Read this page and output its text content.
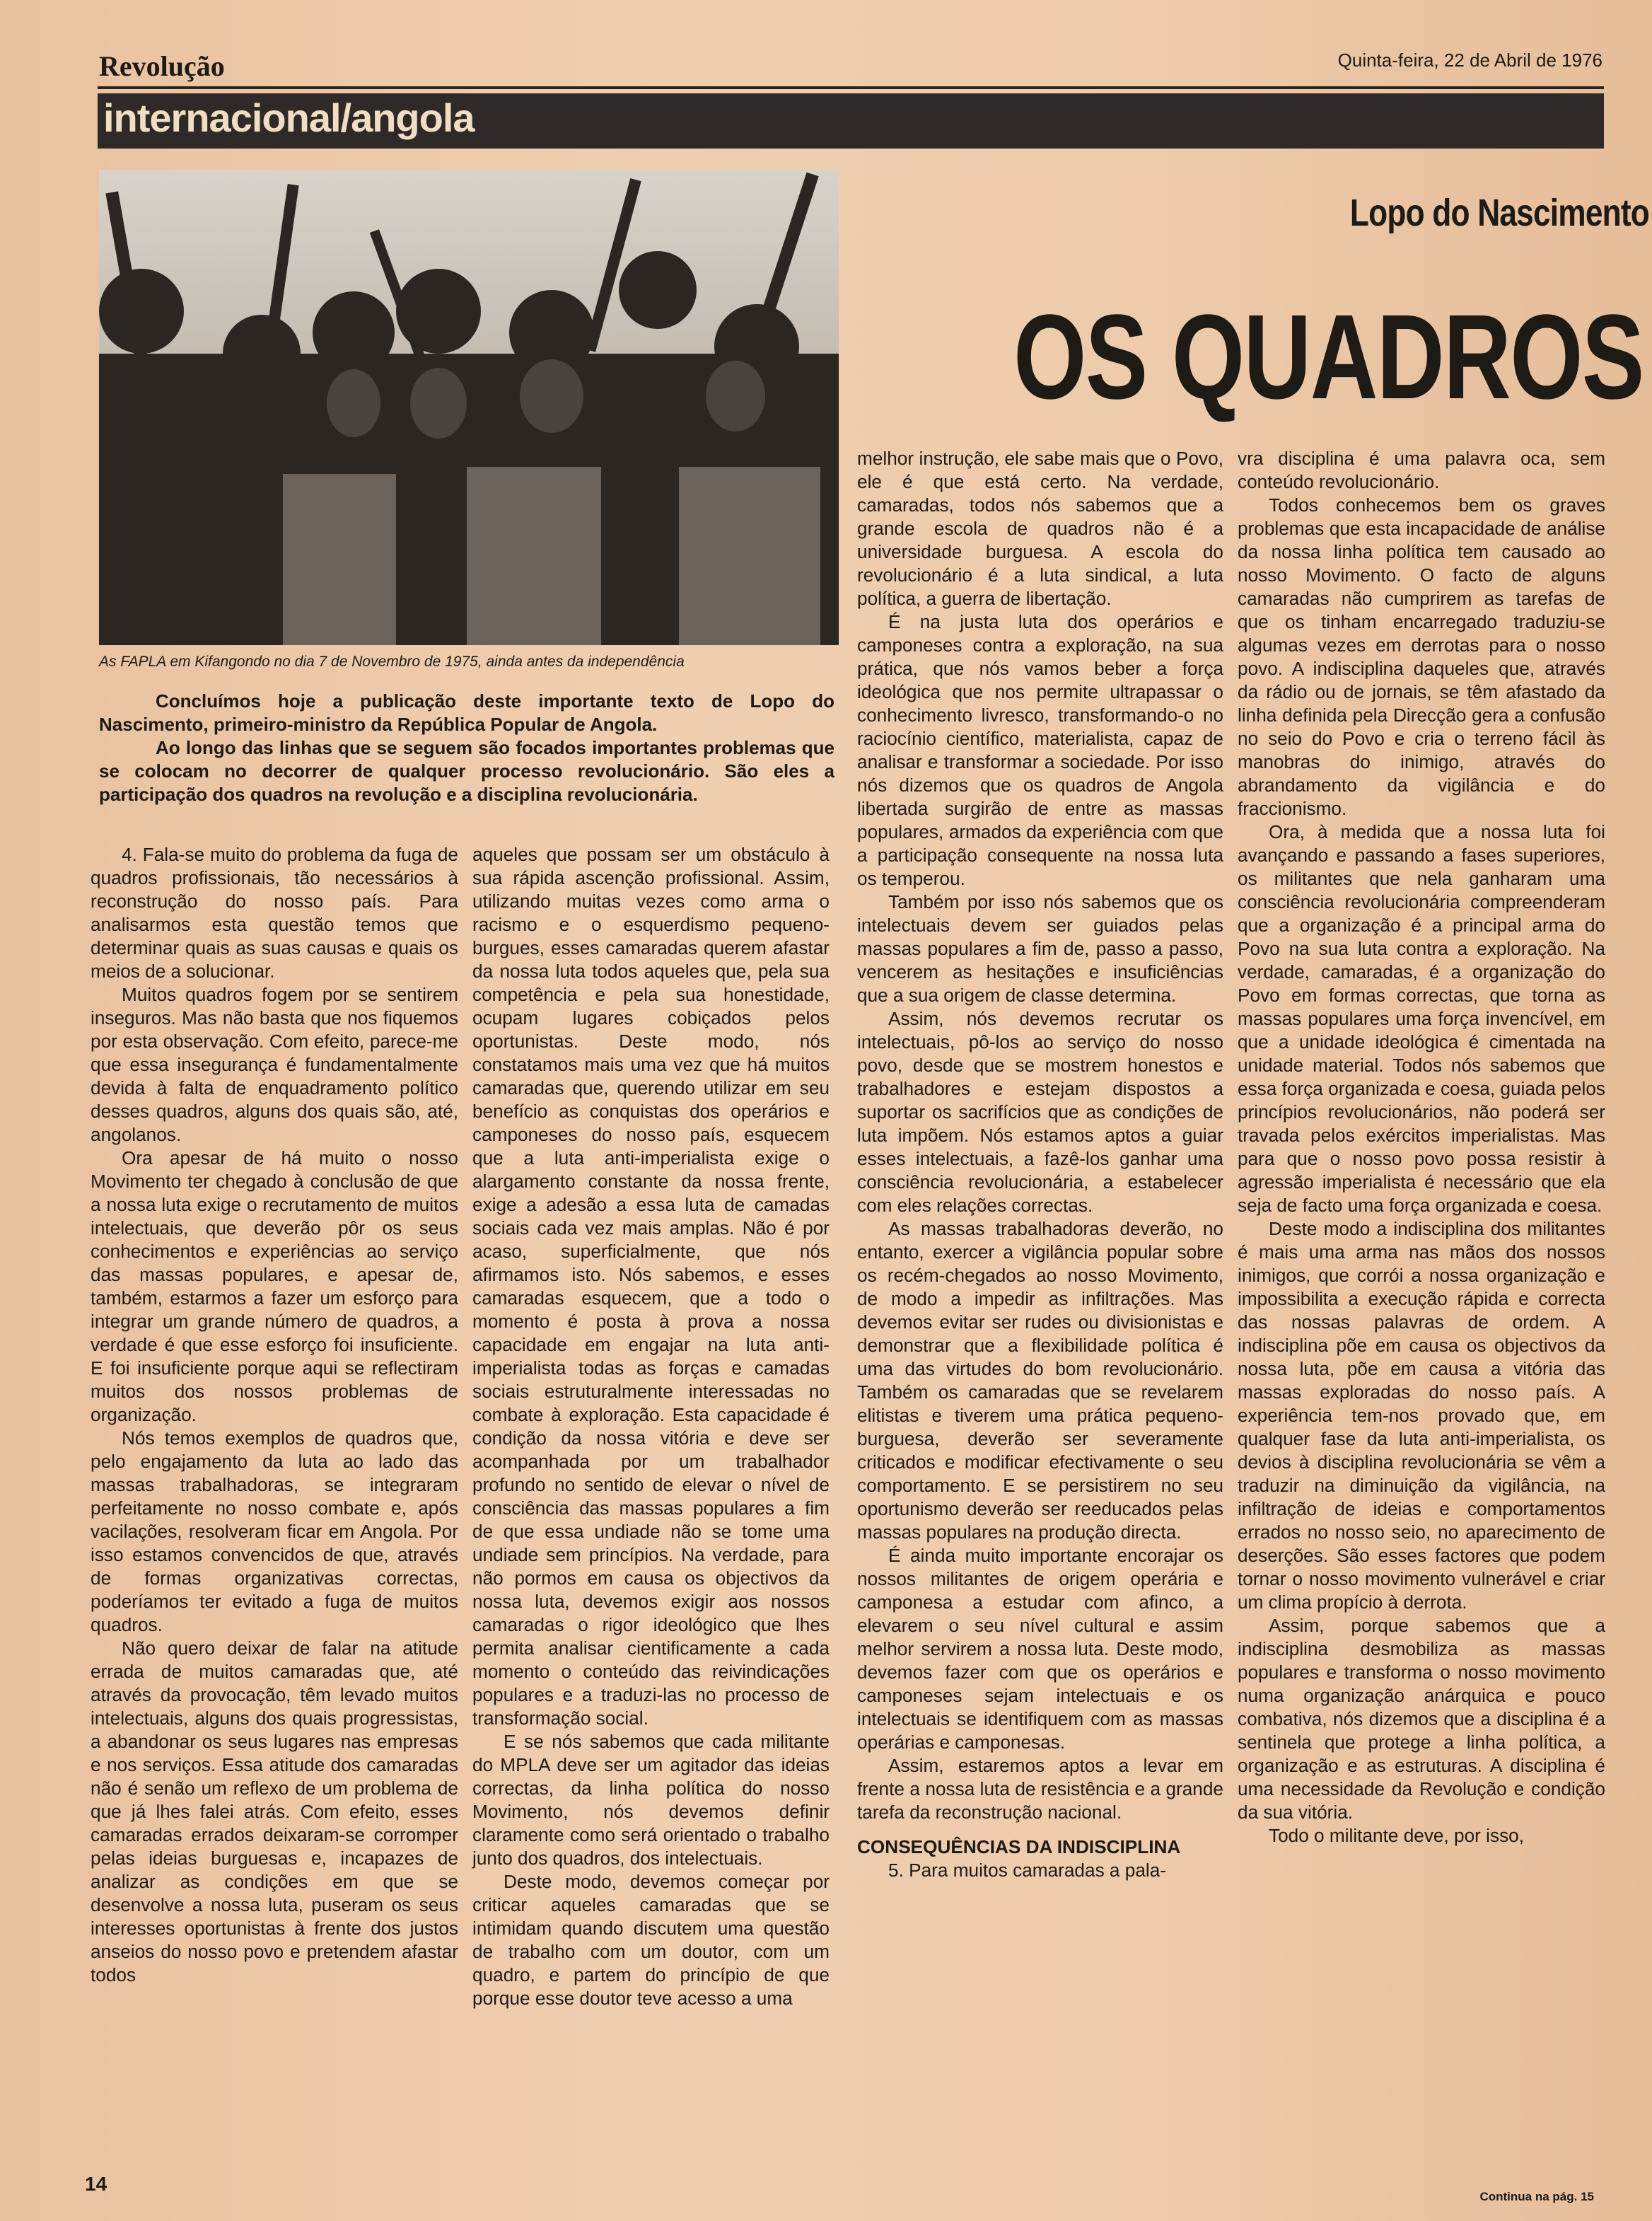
Revolução	Quinta-feira, 22 de Abril de 1976
internacional/angola
As FAPLA em Kifangondo no dia 7 de Novembro de 1975, ainda antes da independência

Concluímos hoje a publicação deste importante texto de Lopo do Nascimento, primeiro-ministro da República Popular de Angola.

Ao longo das linhas que se seguem são focados importantes problemas que se colocam no decorrer de qualquer processo revolucionário. São eles a participação dos quadros na revolução e a disciplina revolucionária.

Lopo do Nascimento
OS QUADROS

4. Fala-se muito do problema da fuga de quadros profissionais, tão necessários à reconstrução do nosso país. Para analisarmos esta questão temos que determinar quais as suas causas e quais os meios de a solucionar.

Muitos quadros fogem por se sentirem inseguros. Mas não basta que nos fiquemos por esta observação. Com efeito, parece-me que essa insegurança é fundamentalmente devida à falta de enquadramento político desses quadros, alguns dos quais são, até, angolanos.

Ora apesar de há muito o nosso Movimento ter chegado à conclusão de que a nossa luta exige o recrutamento de muitos intelectuais, que deverão pôr os seus conhecimentos e experiências ao serviço das massas populares, e apesar de, também, estarmos a fazer um esforço para integrar um grande número de quadros, a verdade é que esse esforço foi insuficiente. E foi insuficiente porque aqui se reflectiram muitos dos nossos problemas de organização.

Nós temos exemplos de quadros que, pelo engajamento da luta ao lado das massas trabalhadoras, se integraram perfeitamente no nosso combate e, após vacilações, resolveram ficar em Angola. Por isso estamos convencidos de que, através de formas organizativas correctas, poderíamos ter evitado a fuga de muitos quadros.

Não quero deixar de falar na atitude errada de muitos camaradas que, até através da provocação, têm levado muitos intelectuais, alguns dos quais progressistas, a abandonar os seus lugares nas empresas e nos serviços. Essa atitude dos camaradas não é senão um reflexo de um problema de que já lhes falei atrás. Com efeito, esses camaradas errados deixaram-se corromper pelas ideias burguesas e, incapazes de analizar as condições em que se desenvolve a nossa luta, puseram os seus interesses oportunistas à frente dos justos anseios do nosso povo e pretendem afastar todos

aqueles que possam ser um obstáculo à sua rápida ascenção profissional. Assim, utilizando muitas vezes como arma o racismo e o esquerdismo pequeno-burgues, esses camaradas querem afastar da nossa luta todos aqueles que, pela sua competência e pela sua honestidade, ocupam lugares cobiçados pelos oportunistas. Deste modo, nós constatamos mais uma vez que há muitos camaradas que, querendo utilizar em seu benefício as conquistas dos operários e camponeses do nosso país, esquecem que a luta anti-imperialista exige o alargamento constante da nossa frente, exige a adesão a essa luta de camadas sociais cada vez mais amplas. Não é por acaso, superficialmente, que nós afirmamos isto. Nós sabemos, e esses camaradas esquecem, que a todo o momento é posta à prova a nossa capacidade em engajar na luta anti-imperialista todas as forças e camadas sociais estruturalmente interessadas no combate à exploração. Esta capacidade é condição da nossa vitória e deve ser acompanhada por um trabalhador profundo no sentido de elevar o nível de consciência das massas populares a fim de que essa undiade não se tome uma undiade sem princípios. Na verdade, para não pormos em causa os objectivos da nossa luta, devemos exigir aos nossos camaradas o rigor ideológico que lhes permita analisar cientificamente a cada momento o conteúdo das reivindicações populares e a traduzi-las no processo de transformação social.

E se nós sabemos que cada militante do MPLA deve ser um agitador das ideias correctas, da linha política do nosso Movimento, nós devemos definir claramente como será orientado o trabalho junto dos quadros, dos intelectuais.

Deste modo, devemos começar por criticar aqueles camaradas que se intimidam quando discutem uma questão de trabalho com um doutor, com um quadro, e partem do princípio de que porque esse doutor teve acesso a uma

melhor instrução, ele sabe mais que o Povo, ele é que está certo. Na verdade, camaradas, todos nós sabemos que a grande escola de quadros não é a universidade burguesa. A escola do revolucionário é a luta sindical, a luta política, a guerra de libertação.

É na justa luta dos operários e camponeses contra a exploração, na sua prática, que nós vamos beber a força ideológica que nos permite ultrapassar o conhecimento livresco, transformando-o no raciocínio científico, materialista, capaz de analisar e transformar a sociedade. Por isso nós dizemos que os quadros de Angola libertada surgirão de entre as massas populares, armados da experiência com que a participação consequente na nossa luta os temperou.

Também por isso nós sabemos que os intelectuais devem ser guiados pelas massas populares a fim de, passo a passo, vencerem as hesitações e insuficiências que a sua origem de classe determina.

Assim, nós devemos recrutar os intelectuais, pô-los ao serviço do nosso povo, desde que se mostrem honestos e trabalhadores e estejam dispostos a suportar os sacrifícios que as condições de luta impõem. Nós estamos aptos a guiar esses intelectuais, a fazê-los ganhar uma consciência revolucionária, a estabelecer com eles relações correctas.

As massas trabalhadoras deverão, no entanto, exercer a vigilância popular sobre os recém-chegados ao nosso Movimento, de modo a impedir as infiltrações. Mas devemos evitar ser rudes ou divisionistas e demonstrar que a flexibilidade política é uma das virtudes do bom revolucionário. Também os camaradas que se revelarem elitistas e tiverem uma prática pequeno-burguesa, deverão ser severamente criticados e modificar efectivamente o seu comportamento. E se persistirem no seu oportunismo deverão ser reeducados pelas massas populares na produção directa.

É ainda muito importante encorajar os nossos militantes de origem operária e camponesa a estudar com afinco, a elevarem o seu nível cultural e assim melhor servirem a nossa luta. Deste modo, devemos fazer com que os operários e camponeses sejam intelectuais e os intelectuais se identifiquem com as massas operárias e camponesas.

Assim, estaremos aptos a levar em frente a nossa luta de resistência e a grande tarefa da reconstrução nacional.

CONSEQUÊNCIAS DA INDISCIPLINA

5. Para muitos camaradas a pala-

vra disciplina é uma palavra oca, sem conteúdo revolucionário.

Todos conhecemos bem os graves problemas que esta incapacidade de análise da nossa linha política tem causado ao nosso Movimento. O facto de alguns camaradas não cumprirem as tarefas de que os tinham encarregado traduziu-se algumas vezes em derrotas para o nosso povo. A indisciplina daqueles que, através da rádio ou de jornais, se têm afastado da linha definida pela Direcção gera a confusão no seio do Povo e cria o terreno fácil às manobras do inimigo, através do abrandamento da vigilância e do fraccionismo.

Ora, à medida que a nossa luta foi avançando e passando a fases superiores, os militantes que nela ganharam uma consciência revolucionária compreenderam que a organização é a principal arma do Povo na sua luta contra a exploração. Na verdade, camaradas, é a organização do Povo em formas correctas, que torna as massas populares uma força invencível, em que a unidade ideológica é cimentada na unidade material. Todos nós sabemos que essa força organizada e coesa, guiada pelos princípios revolucionários, não poderá ser travada pelos exércitos imperialistas. Mas para que o nosso povo possa resistir à agressão imperialista é necessário que ela seja de facto uma força organizada e coesa.

Deste modo a indisciplina dos militantes é mais uma arma nas mãos dos nossos inimigos, que corrói a nossa organização e impossibilita a execução rápida e correcta das nossas palavras de ordem. A indisciplina põe em causa os objectivos da nossa luta, põe em causa a vitória das massas exploradas do nosso país. A experiência tem-nos provado que, em qualquer fase da luta anti-imperialista, os devios à disciplina revolucionária se vêm a traduzir na diminuição da vigilância, na infiltração de ideias e comportamentos errados no nosso seio, no aparecimento de deserções. São esses factores que podem tornar o nosso movimento vulnerável e criar um clima propício à derrota.

Assim, porque sabemos que a indisciplina desmobiliza as massas populares e transforma o nosso movimento numa organização anárquica e pouco combativa, nós dizemos que a disciplina é a sentinela que protege a linha política, a organização e as estruturas. A disciplina é uma necessidade da Revolução e condição da sua vitória.

Todo o militante deve, por isso,

Continua na pág. 15
14
